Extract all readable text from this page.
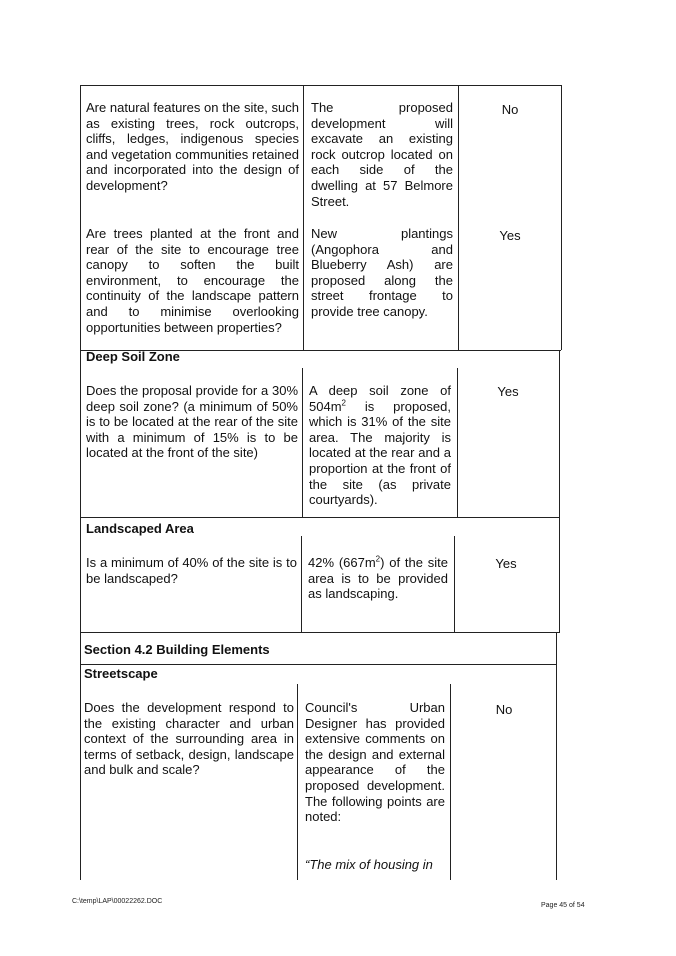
Are natural features on the site, such as existing trees, rock outcrops, cliffs, ledges, indigenous species and vegetation communities retained and incorporated into the design of development?
The proposed development will excavate an existing rock outcrop located on each side of the dwelling at 57 Belmore Street.
No
Are trees planted at the front and rear of the site to encourage tree canopy to soften the built environment, to encourage the continuity of the landscape pattern and to minimise overlooking opportunities between properties?
New plantings (Angophora and Blueberry Ash) are proposed along the street frontage to provide tree canopy.
Yes
Deep Soil Zone
Does the proposal provide for a 30% deep soil zone? (a minimum of 50% is to be located at the rear of the site with a minimum of 15% is to be located at the front of the site)
A deep soil zone of $504m^2$ is proposed, which is 31% of the site area. The majority is located at the rear and a proportion at the front of the site (as private courtyards).
Yes
Landscaped Area
Is a minimum of 40% of the site is to be landscaped?
42% $(667m^2)$ of the site area is to be provided as landscaping.
Yes
Section 4.2 Building Elements
Streetscape
Does the development respond to the existing character and urban context of the surrounding area in terms of setback, design, landscape and bulk and scale?
Council's Urban Designer has provided extensive comments on the design and external appearance of the proposed development. The following points are noted:
“The mix of housing in
No
C:\temp\LAP\00022262.DOC
Page 45 of 54
